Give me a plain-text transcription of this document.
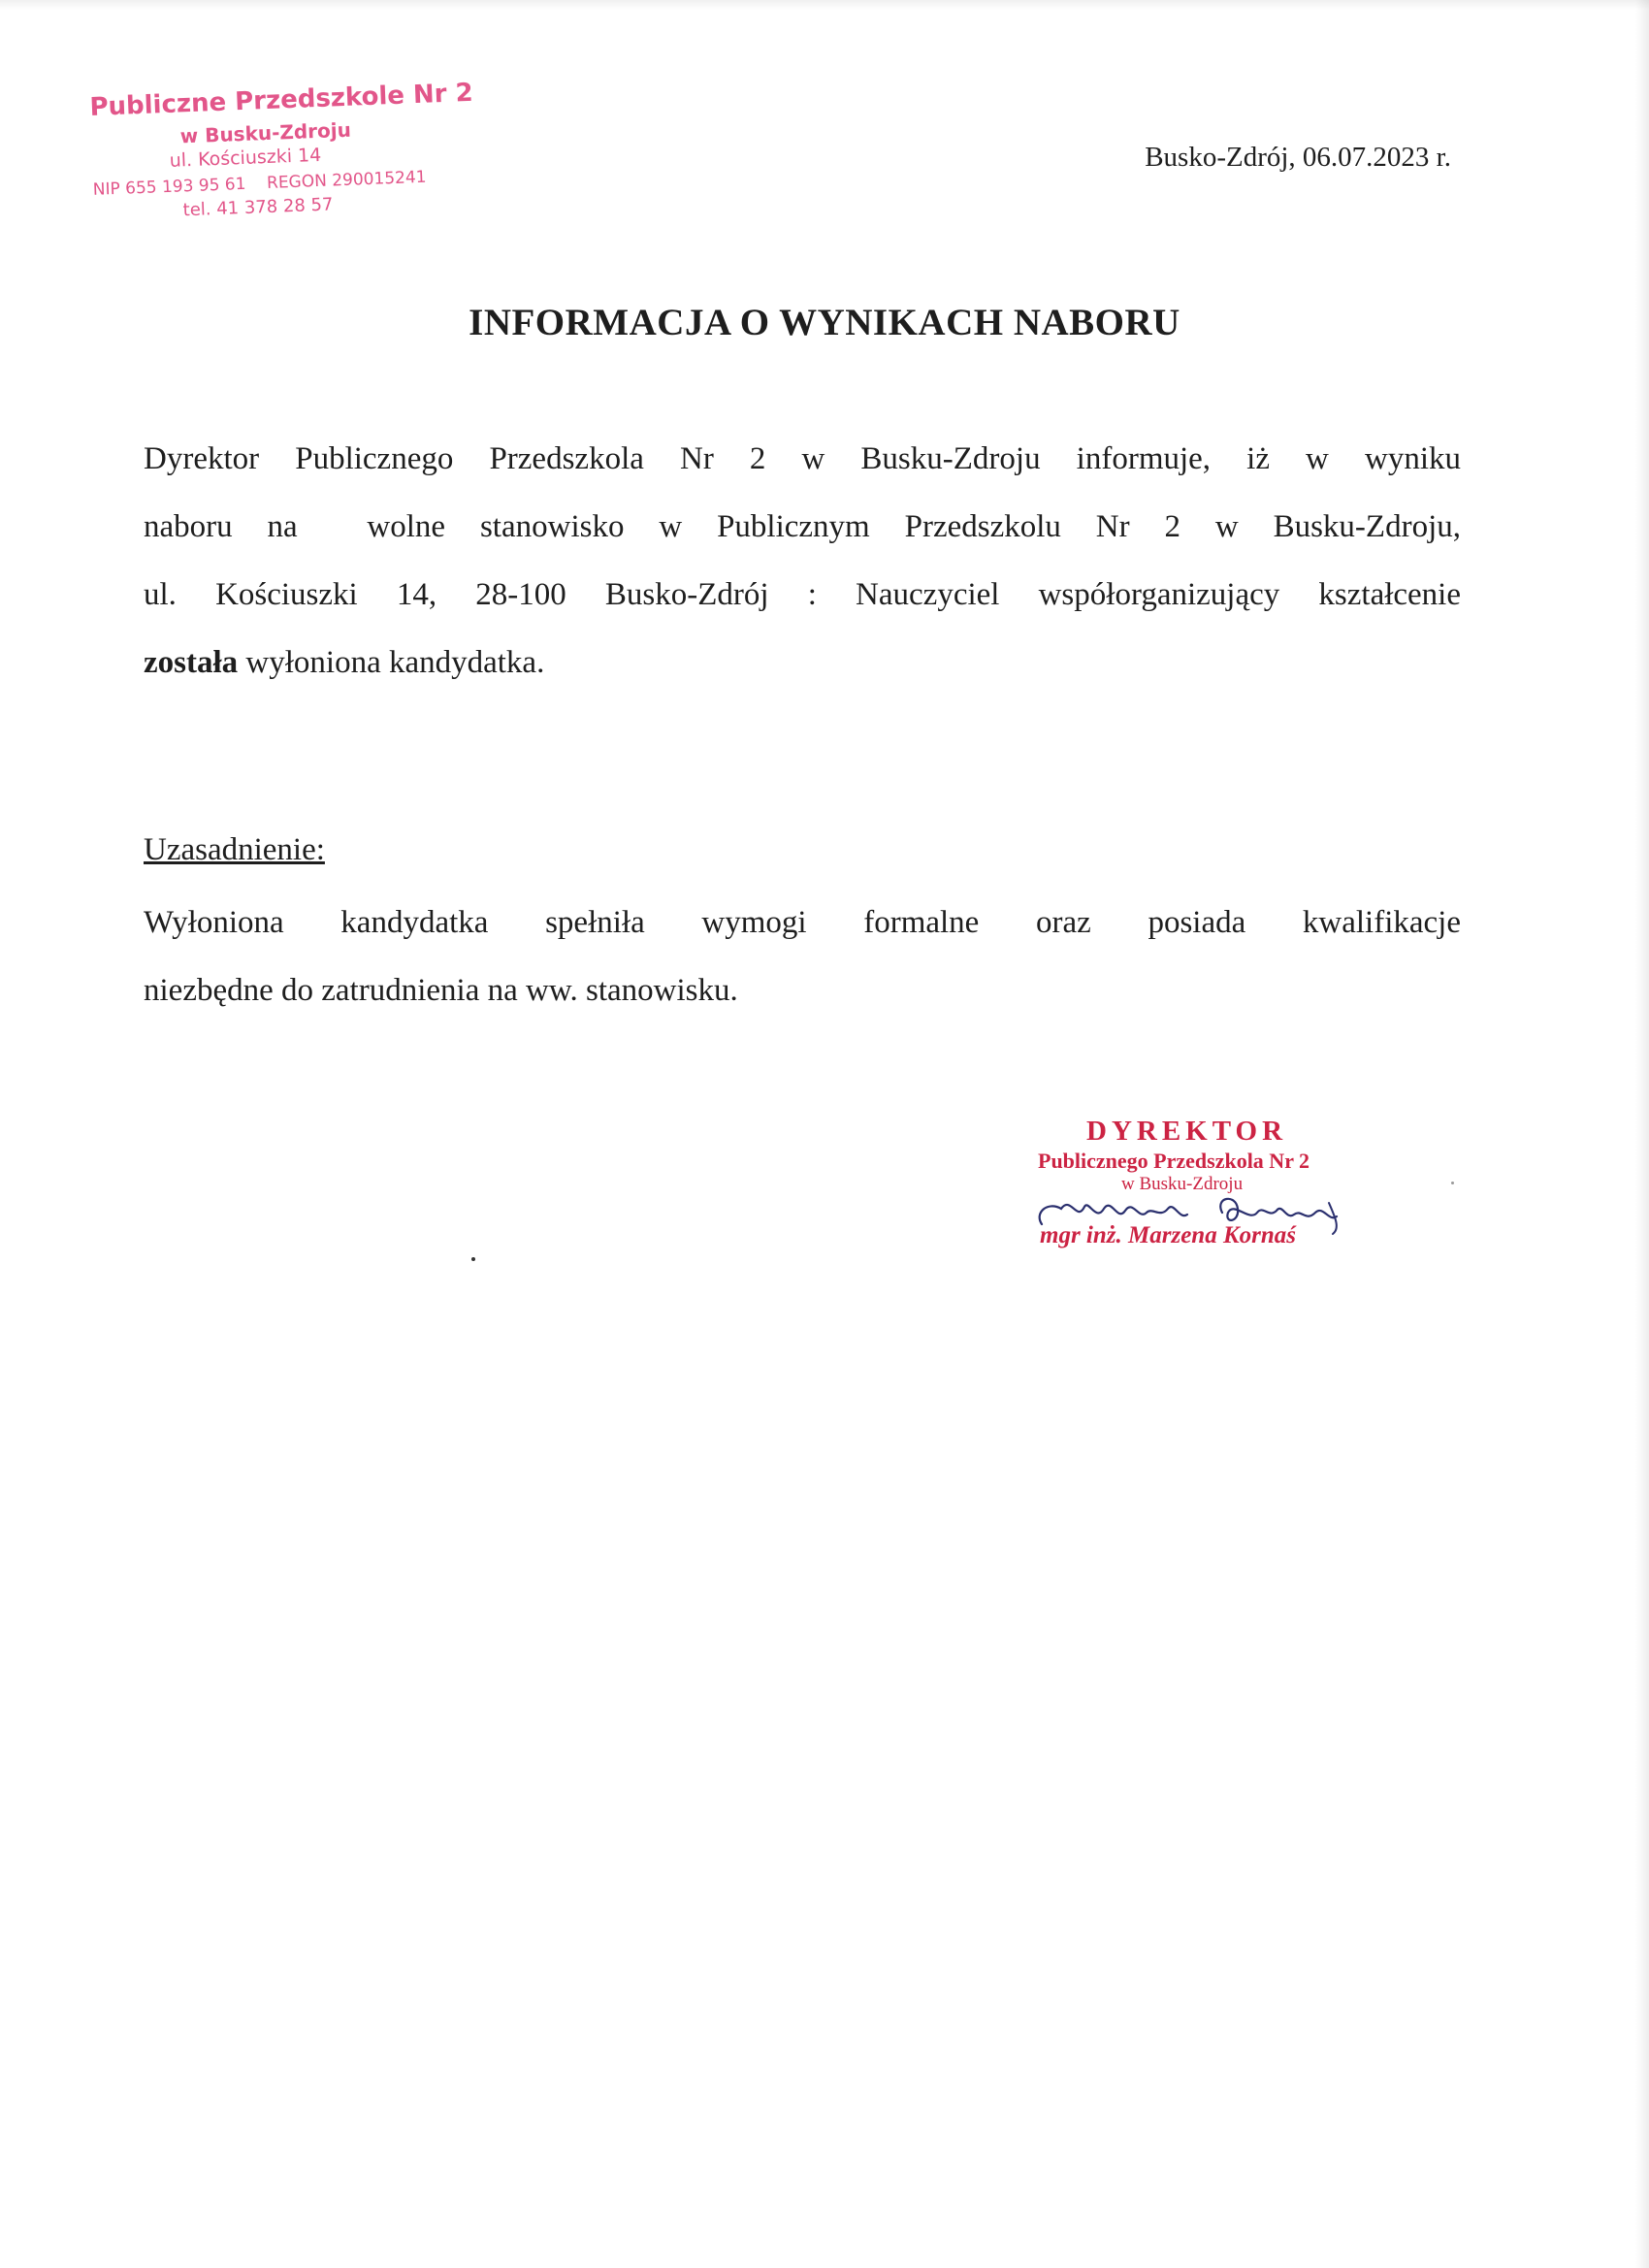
Publiczne Przedszkole Nr 2
w Busku-Zdroju
ul. Kościuszki 14
NIP 655 193 95 61    REGON 290015241
tel. 41 378 28 57
Busko-Zdrój, 06.07.2023 r.
INFORMACJA O WYNIKACH NABORU
Dyrektor Publicznego Przedszkola Nr 2 w Busku-Zdroju informuje, iż w wyniku
naboru na  wolne stanowisko w Publicznym Przedszkolu Nr 2 w Busku-Zdroju,
ul. Kościuszki 14, 28-100 Busko-Zdrój : Nauczyciel współorganizujący kształcenie
została wyłoniona kandydatka.
Uzasadnienie:
Wyłoniona kandydatka spełniła wymogi formalne oraz posiada kwalifikacje
niezbędne do zatrudnienia na ww. stanowisku.
DYREKTOR
Publicznego Przedszkola Nr 2
w Busku-Zdroju
mgr inż. Marzena Kornaś
